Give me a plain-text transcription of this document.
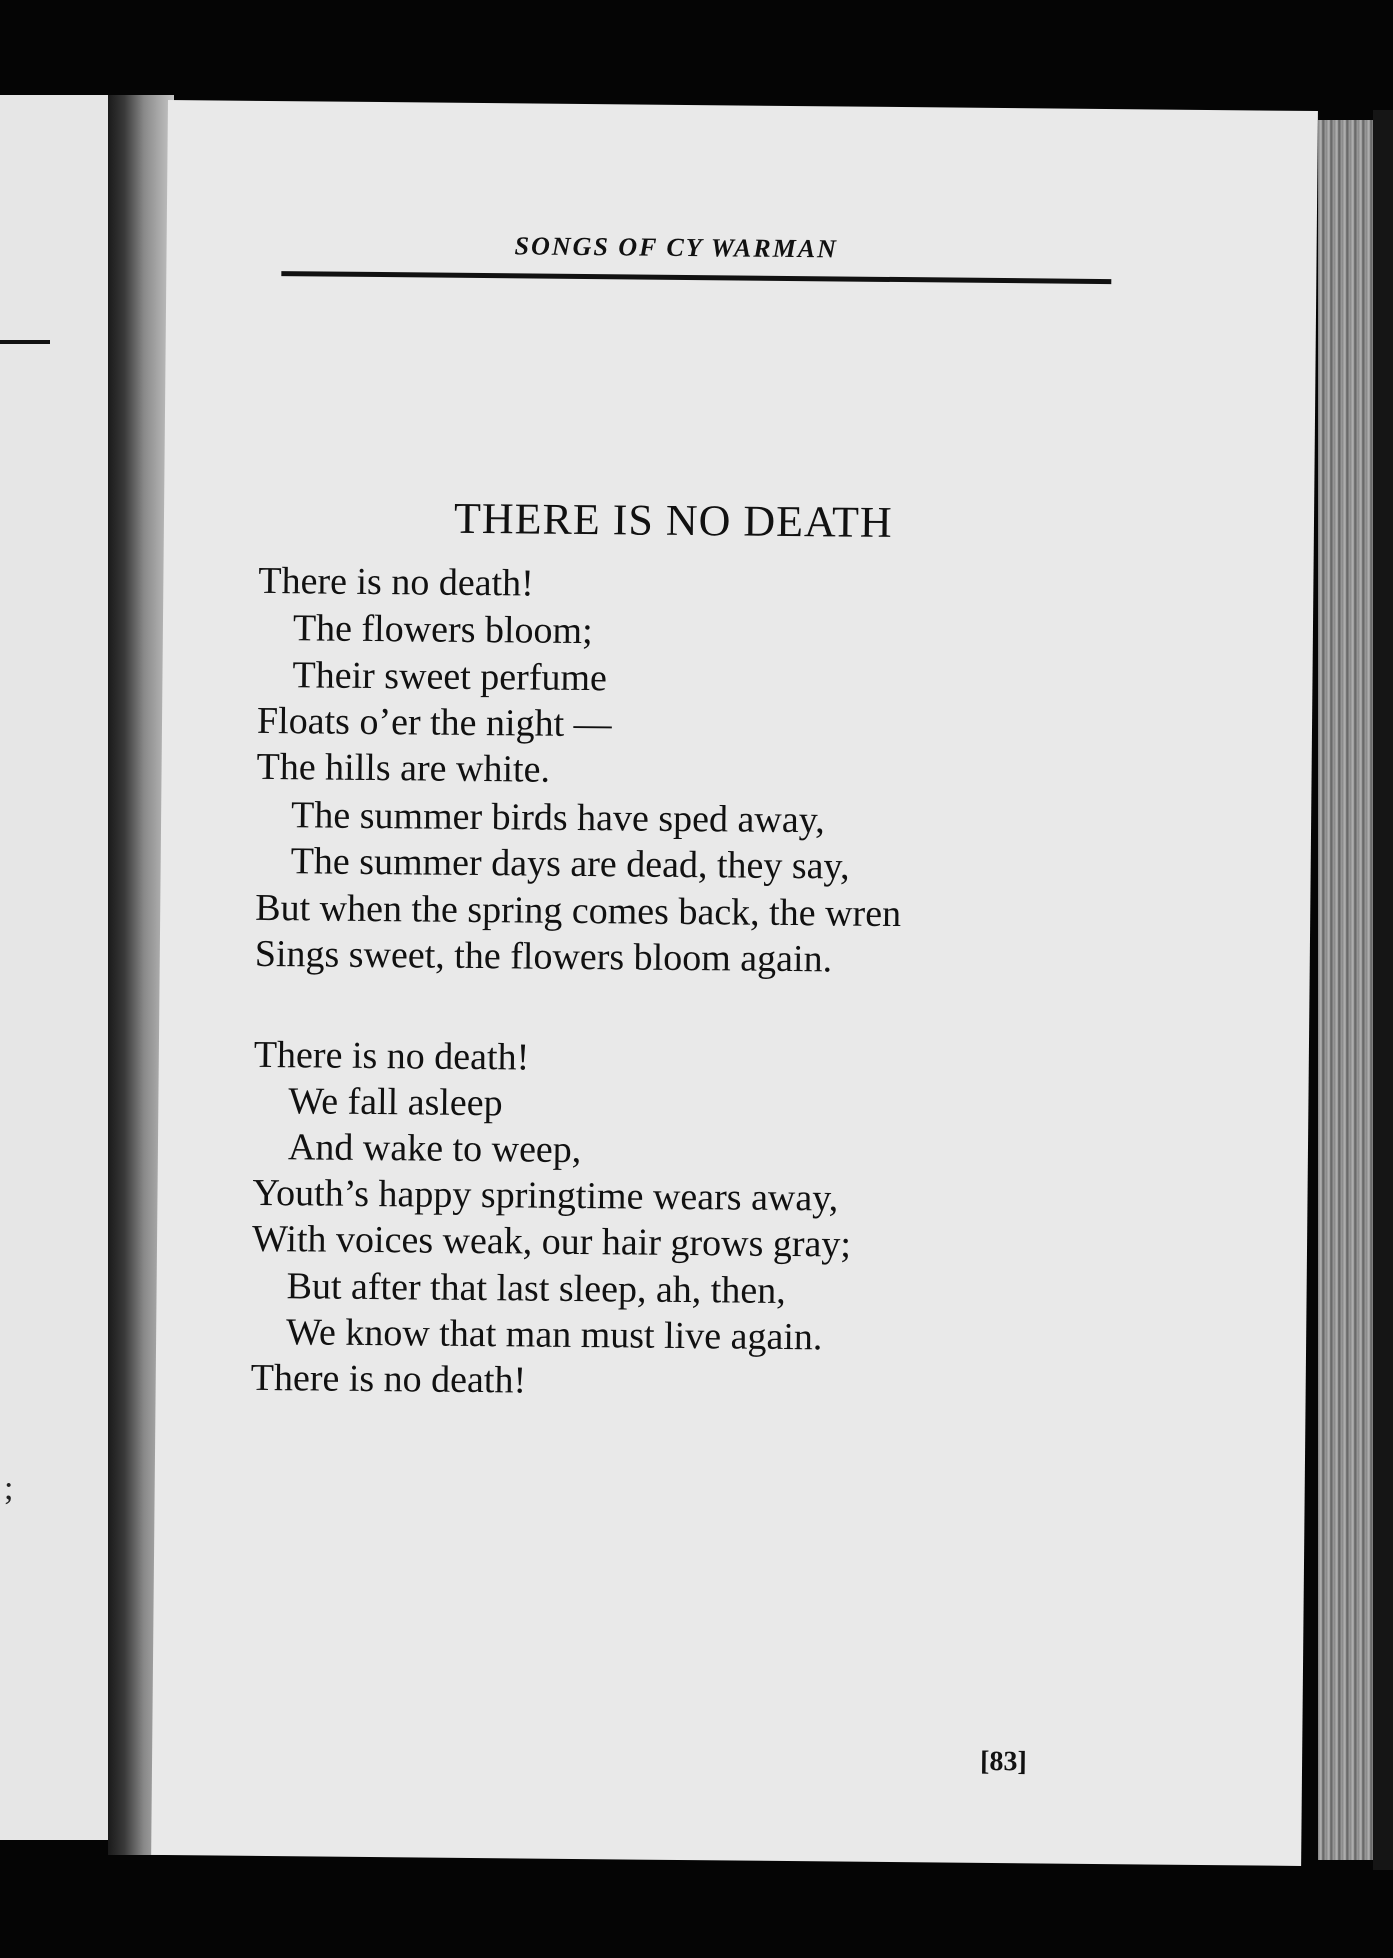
;
SONGS OF CY WARMAN
THERE IS NO DEATH
There is no death!
The flowers bloom;
Their sweet perfume
Floats o’er the night —
The hills are white.
The summer birds have sped away,
The summer days are dead, they say,
But when the spring comes back, the wren
Sings sweet, the flowers bloom again.
There is no death!
We fall asleep
And wake to weep,
Youth’s happy springtime wears away,
With voices weak, our hair grows gray;
But after that last sleep, ah, then,
We know that man must live again.
There is no death!
[83]
